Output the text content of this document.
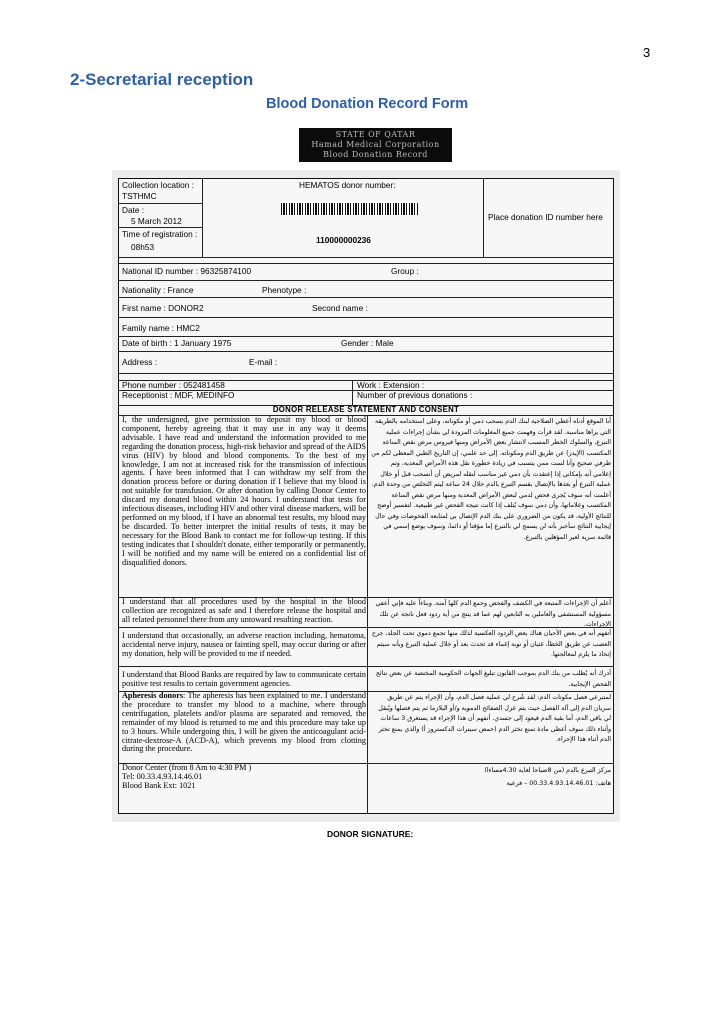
3
2-Secretarial reception
Blood Donation Record Form
STATE OF QATAR
Hamad Medical Corporation
Blood Donation Record
Collection location :
TSTHMC
Date :
5 March 2012
Time of registration :
08h53
HEMATOS donor number:
110000000236
Place donation ID number here
National ID number : 96325874100	Group :
Nationality : France	Phenotype :
First name : DONOR2	Second name :
Family name : HMC2
Date of birth : 1 January 1975	Gender : Male
Address :	E-mail :
Phone number : 052481458	Work : Extension :
Receptionist : MDF, MEDINFO	Number of previous donations :
DONOR RELEASE STATEMENT AND CONSENT
I, the undersigned, give permission to deposit my blood or blood component, hereby agreeing that it may use in any way it deems advisable. I have read and understand the information provided to me regarding the donation process, high-risk behavior and spread of the AIDS virus (HIV) by blood and blood components. To the best of my knowledge, I am not at increased risk for the transmission of infectious agents. I have been informed that I can withdraw my self from the donation process before or during donation if I believe that my blood is not suitable for transfusion. Or after donation by calling Donor Center to discard my donated blood within 24 hours. I understand that tests for infectious diseases, including HIV and other viral disease markers, will be performed on my blood, if I have an abnormal test results, my blood may be discarded. To better interpret the initial results of tests, it may be necessary for the Blood Bank to contact me for follow-up testing. If this testing indicates that I shouldn't donate, either temporarily or permanently, I will be notified and my name will be entered on a confidential list of disqualified donors.
أنا الموقع أدناه أعطي الصلاحية لبنك الدم بسحب دمي أو مكوناته، وعلى استخدامه بالطريقة التي يراها مناسبة. لقد قرأت وفهمت جميع المعلومات المزودة لي بشأن إجراءات عملية التبرع، والسلوك الخطر المسبب لانتشار بعض الأمراض ومنها فيروس مرض نقص المناعة المكتسب (الإيدز) عن طريق الدم ومكوناته. إلى حد علمي، إن التاريخ الطبي المعطى لكم من طرفي صحيح وأنا لست ممن يتسبب في زيادة خطورة نقل هذه الأمراض المعدية، وتم إعلامي أنه بإمكاني إذا إعتقدت بأن دمي غير مناسب لنقله لمريض أن أنسحب قبل أو خلال عملية التبرع أو بعدها بالإتصال بقسم التبرع بالدم خلال 24 ساعة ليتم التخلص من وحدة الدم. أعلمت أنه سوف يُجرى فحص لدمي لبعض الأمراض المعدية ومنها مرض نقص المناعة المكتسب وعلاماتها، وأن دمي سوف يُتلف إذا كانت نتيجة الفحص غير طبيعية. لتفسير أوضح للنتائج الأولية، قد يكون من الضروري على بنك الدم الإتصال بي لمتابعة الفحوصات وفي حال إيجابية النتائج سأخبر بأنه لن يسمح لي بالتبرع إما مؤقتا أو دائما، وسوف يوضع إسمي في قائمة سرية لغير المؤهلين بالتبرع.
I understand that all procedures used by the hospital in the blood collection are recognized as safe and I therefore release the hospital and all related personnel there from any untoward resulting reaction.
أعلم أن الإجراءات المتبعة في الكشف والفحص وجمع الدم كلها آمنة، وبناءاً عليه فإني أعفي مسؤولية المستشفى والعاملين به التابعين لهم عما قد ينتج من أية ردود فعل ناتجة عن تلك الإجراءات.
I understand that occasionally, an adverse reaction including, hematoma, accidental nerve injury, nausea or fainting spell, may occur during or after my donation, help will be provided to me if needed.
أتفهم أنه في بعض الأحيان هناك بعض الردود العكسية لذلك منها تجمع دموي تحت الجلد، جرح العصب عن طريق الخطأ، غثيان أو نوبة إغماء قد تحدث بعد أو خلال عملية التبرع وبأنه سيتم إتخاذ ما يلزم لمعالجتها.
I understand that Blood Banks are required by law to communicate certain positive test results to certain government agencies.
أدرك أنه يُطلب من بنك الدم بموجب القانون تبليغ الجهات الحكومية المختصة عن بعض نتائج الفحص الإيجابية.
Apheresis donors: The apheresis has been explained to me. I understand the procedure to transfer my blood to a machine, where through centrifugation, platelets and/or plasma are separated and removed, the remainder of my blood is returned to me and this procedure may take up to 3 hours. While undergoing this, I will be given the anticoagulant acid-citrate-dextrose-A (ACD-A), which prevents my blood from clotting during the procedure.
لمتبرعي فصل مكونات الدم: لقد شُرح لي عملية فصل الدم، وأن الإجراء يتم عن طريق سريان الدم إلى آلة الفصل حيث يتم عزل الصفائح الدموية و/أو البلازما ثم يتم فصلها ويُنقل لي باقي الدم، أما بقية الدم فيعود إلى جسدي. أتفهم أن هذا الإجراء قد يستغرق 3 ساعات وأثناء ذلك سوف أعطى مادة تمنع تخثر الدم (حمض سيترات الدكستروز أ) والذي يمنع تخثر الدم أثناء هذا الإجراء.
Donor Center (from 8 Am to 4:30 PM )
Tel: 00.33.4.93.14.46.01
Blood Bank Ext: 1021
مركز التبرع بالدم (من 8صباحا لغاية 4.30مساءا)
هاتف: 00.33.4.93.14.46.01 – فرعية
DONOR SIGNATURE:
